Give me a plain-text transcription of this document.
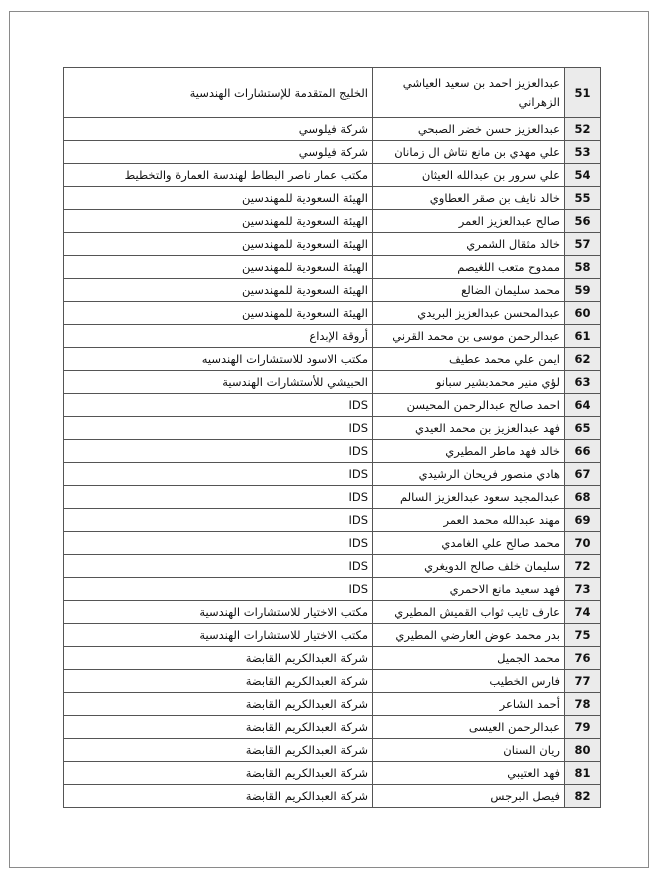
51	عبدالعزيز احمد بن سعيد العياشي الزهراني	الخليج المتقدمة للإستشارات الهندسية
52	عبدالعزيز حسن خضر الصبحي	شركة فيلوسي
53	علي مهدي بن مانع نتاش ال زمانان	شركة فيلوسي
54	علي سرور بن عبدالله العيثان	مكتب عمار ناصر البطاط لهندسة العمارة والتخطيط
55	خالد نايف بن صقر العطاوي	الهيئة السعودية للمهندسين
56	صالح عبدالعزيز العمر	الهيئة السعودية للمهندسين
57	خالد مثقال الشمري	الهيئة السعودية للمهندسين
58	ممدوح متعب اللغيصم	الهيئة السعودية للمهندسين
59	محمد سليمان الضالع	الهيئة السعودية للمهندسين
60	عبدالمحسن عبدالعزيز البريدي	الهيئة السعودية للمهندسين
61	عبدالرحمن موسى بن محمد القرني	أروقة الإبداع
62	ايمن علي محمد عطيف	مكتب الاسود للاستشارات الهندسيه
63	لؤي منير محمدبشير سبانو	الحبيشي للأستشارات الهندسية
64	احمد صالح عبدالرحمن المحيسن	IDS
65	فهد عبدالعزيز بن محمد العيدي	IDS
66	خالد فهد ماطر المطيري	IDS
67	هادي منصور فريحان الرشيدي	IDS
68	عبدالمجيد سعود عبدالعزيز السالم	IDS
69	مهند عبدالله محمد العمر	IDS
70	محمد صالح علي الغامدي	IDS
72	سليمان خلف صالح الدويغري	IDS
73	فهد سعيد مانع الاحمري	IDS
74	عارف ثايب ثواب القميش المطيري	مكتب الاختيار للاستشارات الهندسية
75	بدر محمد عوض العارضي المطيري	مكتب الاختيار للاستشارات الهندسية
76	محمد الجميل	شركة العبدالكريم القابضة
77	فارس الخطيب	شركة العبدالكريم القابضة
78	أحمد الشاعر	شركة العبدالكريم القابضة
79	عبدالرحمن العيسى	شركة العبدالكريم القابضة
80	ريان السنان	شركة العبدالكريم القابضة
81	فهد العتيبي	شركة العبدالكريم القابضة
82	فيصل البرجس	شركة العبدالكريم القابضة
